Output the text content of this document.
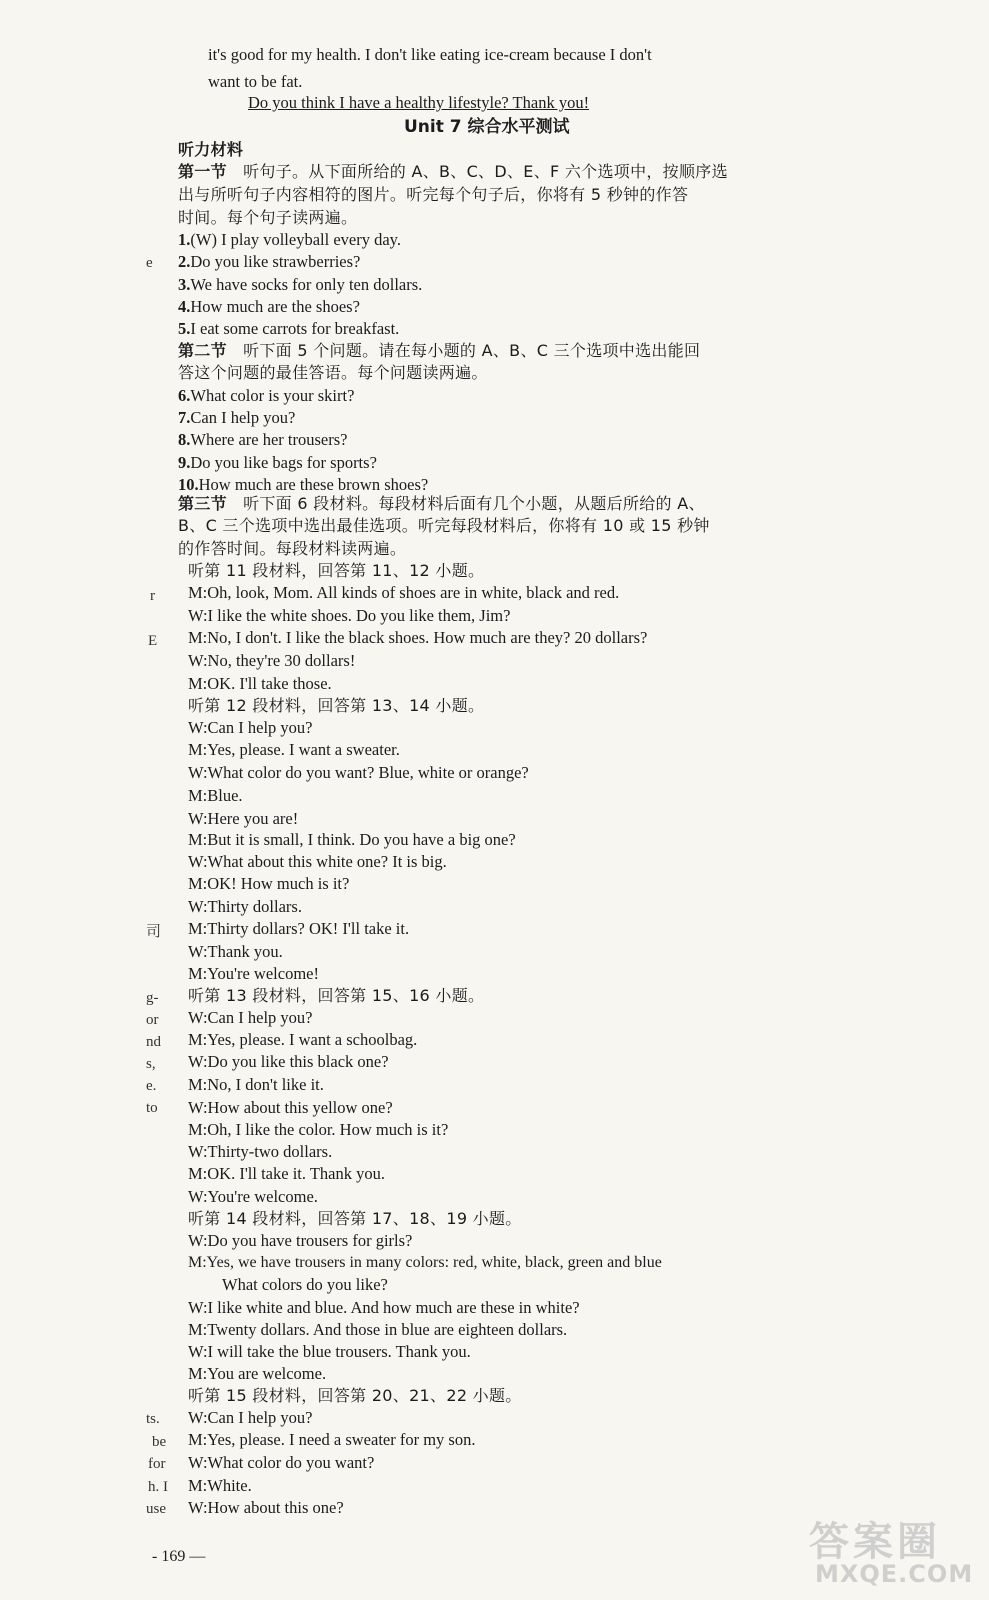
it's good for my health. I don't like eating ice-cream because I don't
want to be fat.
Do you think I have a healthy lifestyle? Thank you!
Unit 7 综合水平测试
听力材料
第一节 听句子。从下面所给的 A、B、C、D、E、F 六个选项中，按顺序选
出与所听句子内容相符的图片。听完每个句子后，你将有 5 秒钟的作答
时间。每个句子读两遍。
1.(W) I play volleyball every day.
2.Do you like strawberries?
3.We have socks for only ten dollars.
4.How much are the shoes?
5.I eat some carrots for breakfast.
第二节 听下面 5 个问题。请在每小题的 A、B、C 三个选项中选出能回
答这个问题的最佳答语。每个问题读两遍。
6.What color is your skirt?
7.Can I help you?
8.Where are her trousers?
9.Do you like bags for sports?
10.How much are these brown shoes?
第三节 听下面 6 段材料。每段材料后面有几个小题，从题后所给的 A、
B、C 三个选项中选出最佳选项。听完每段材料后，你将有 10 或 15 秒钟
的作答时间。每段材料读两遍。
听第 11 段材料，回答第 11、12 小题。
M:Oh, look, Mom. All kinds of shoes are in white, black and red.
W:I like the white shoes. Do you like them, Jim?
M:No, I don't. I like the black shoes. How much are they? 20 dollars?
W:No, they're 30 dollars!
M:OK. I'll take those.
听第 12 段材料，回答第 13、14 小题。
W:Can I help you?
M:Yes, please. I want a sweater.
W:What color do you want? Blue, white or orange?
M:Blue.
W:Here you are!
M:But it is small, I think. Do you have a big one?
W:What about this white one? It is big.
M:OK! How much is it?
W:Thirty dollars.
M:Thirty dollars? OK! I'll take it.
W:Thank you.
M:You're welcome!
听第 13 段材料，回答第 15、16 小题。
W:Can I help you?
M:Yes, please. I want a schoolbag.
W:Do you like this black one?
M:No, I don't like it.
W:How about this yellow one?
M:Oh, I like the color. How much is it?
W:Thirty-two dollars.
M:OK. I'll take it. Thank you.
W:You're welcome.
听第 14 段材料，回答第 17、18、19 小题。
W:Do you have trousers for girls?
M:Yes, we have trousers in many colors: red, white, black, green and blue
What colors do you like?
W:I like white and blue. And how much are these in white?
M:Twenty dollars. And those in blue are eighteen dollars.
W:I will take the blue trousers. Thank you.
M:You are welcome.
听第 15 段材料，回答第 20、21、22 小题。
W:Can I help you?
M:Yes, please. I need a sweater for my son.
W:What color do you want?
M:White.
W:How about this one?
e
r
E
司
g-
or
nd
s,
e.
to
ts.
be
for
h. I
use
- 169 —	答案圈
MXQE.COM
